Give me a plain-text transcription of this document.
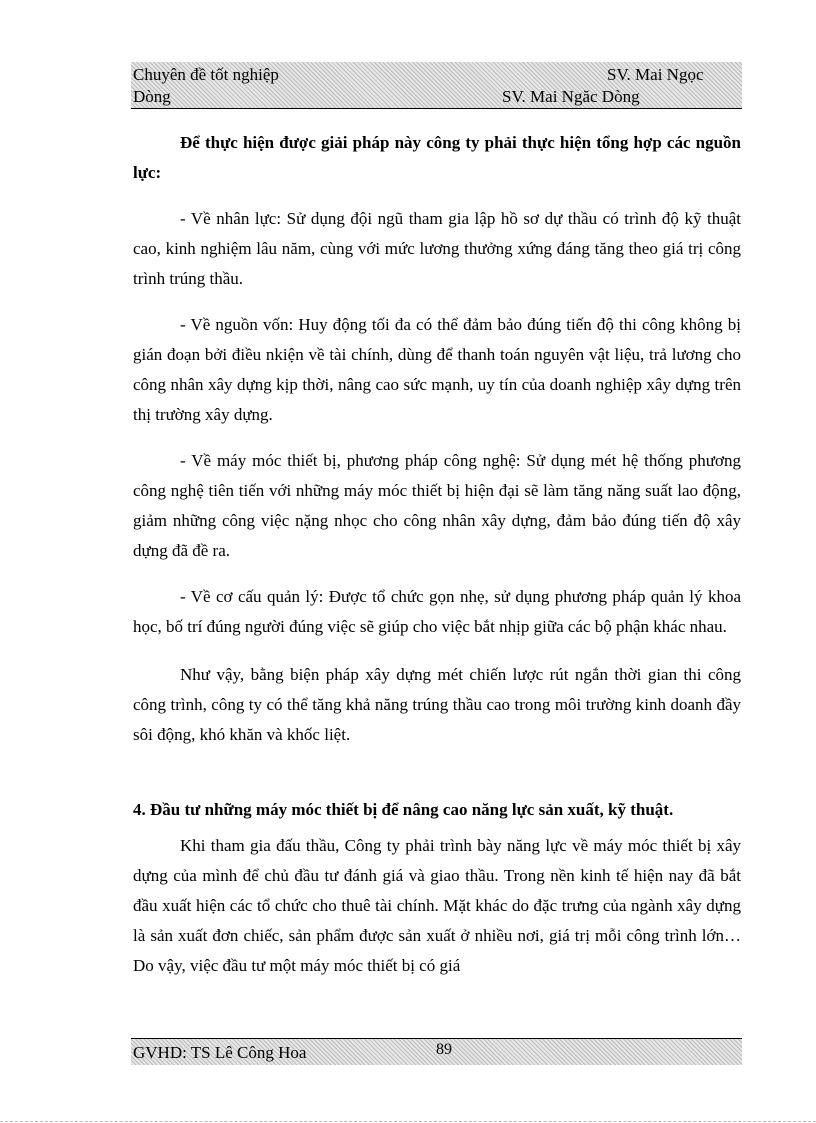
Chuyên đề tốt nghiệp	SV. Mai Ngọc
Dòng	SV. Mai Ngăc Dòng

Để thực hiện được giải pháp này công ty phải thực hiện tổng hợp các nguồn lực:

- Về nhân lực: Sử dụng đội ngũ tham gia lập hồ sơ dự thầu có trình độ kỹ thuật cao, kinh nghiệm lâu năm, cùng với mức lương thưởng xứng đáng tăng theo giá trị công trình trúng thầu.

- Về nguồn vốn: Huy động tối đa có thể đảm bảo đúng tiến độ thi công không bị gián đoạn bởi điều nkiện về tài chính, dùng để thanh toán nguyên vật liệu, trả lương cho công nhân xây dựng kịp thời, nâng cao sức mạnh, uy tín của doanh nghiệp xây dựng trên thị trường xây dựng.

- Về máy móc thiết bị, phương pháp công nghệ: Sử dụng mét hệ thống phương công nghệ tiên tiến với những máy móc thiết bị hiện đại sẽ làm tăng năng suất lao động, giảm những công việc nặng nhọc cho công nhân xây dựng, đảm bảo đúng tiến độ xây dựng đã đề ra.

- Về cơ cấu quản lý: Được tổ chức gọn nhẹ, sử dụng phương pháp quản lý khoa học, bố trí đúng người đúng việc sẽ giúp cho việc bắt nhịp giữa các bộ phận khác nhau.

Như vậy, bằng biện pháp xây dựng mét chiến lược rút ngắn thời gian thi công công trình, công ty có thể tăng khả năng trúng thầu cao trong môi trường kinh doanh đầy sôi động, khó khăn và khốc liệt.

4. Đầu tư những máy móc thiết bị để nâng cao năng lực sản xuất, kỹ thuật.

Khi tham gia đấu thầu, Công ty phải trình bày năng lực về máy móc thiết bị xây dựng của mình để chủ đầu tư đánh giá và giao thầu. Trong nền kinh tế hiện nay đã bắt đầu xuất hiện các tổ chức cho thuê tài chính. Mặt khác do đặc trưng của ngành xây dựng là sản xuất đơn chiếc, sản phẩm được sản xuất ở nhiều nơi, giá trị mỗi công trình lớn… Do vậy, việc đầu tư một máy móc thiết bị có giá

GVHD: TS Lê Công Hoa	89
